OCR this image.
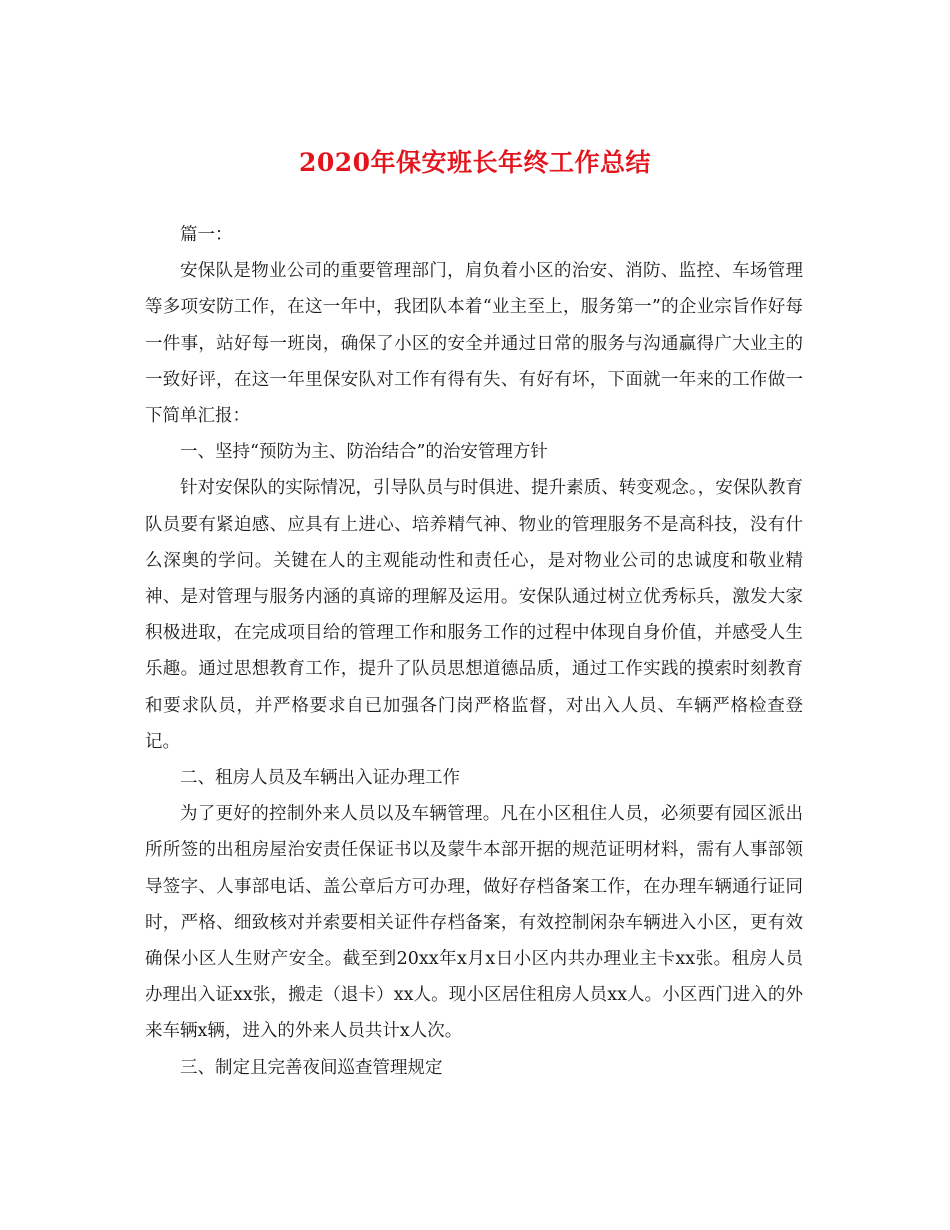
2020年保安班长年终工作总结

篇一：

安保队是物业公司的重要管理部门，肩负着小区的治安、消防、监控、车场管理等多项安防工作，在这一年中，我团队本着“业主至上，服务第一”的企业宗旨作好每一件事，站好每一班岗，确保了小区的安全并通过日常的服务与沟通赢得广大业主的一致好评，在这一年里保安队对工作有得有失、有好有坏，下面就一年来的工作做一下简单汇报：

一、坚持“预防为主、防治结合”的治安管理方针

针对安保队的实际情况，引导队员与时俱进、提升素质、转变观念。，安保队教育队员要有紧迫感、应具有上进心、培养精气神、物业的管理服务不是高科技，没有什么深奥的学问。关键在人的主观能动性和责任心，是对物业公司的忠诚度和敬业精神、是对管理与服务内涵的真谛的理解及运用。安保队通过树立优秀标兵，激发大家积极进取，在完成项目给的管理工作和服务工作的过程中体现自身价值，并感受人生乐趣。通过思想教育工作，提升了队员思想道德品质，通过工作实践的摸索时刻教育和要求队员，并严格要求自已加强各门岗严格监督，对出入人员、车辆严格检查登记。

二、租房人员及车辆出入证办理工作

为了更好的控制外来人员以及车辆管理。凡在小区租住人员，必须要有园区派出所所签的出租房屋治安责任保证书以及蒙牛本部开据的规范证明材料，需有人事部领导签字、人事部电话、盖公章后方可办理，做好存档备案工作，在办理车辆通行证同时，严格、细致核对并索要相关证件存档备案，有效控制闲杂车辆进入小区，更有效确保小区人生财产安全。截至到20xx年x月x日小区内共办理业主卡xx张。租房人员办理出入证xx张，搬走（退卡）xx人。现小区居住租房人员xx人。小区西门进入的外来车辆x辆，进入的外来人员共计x人次。

三、制定且完善夜间巡查管理规定
